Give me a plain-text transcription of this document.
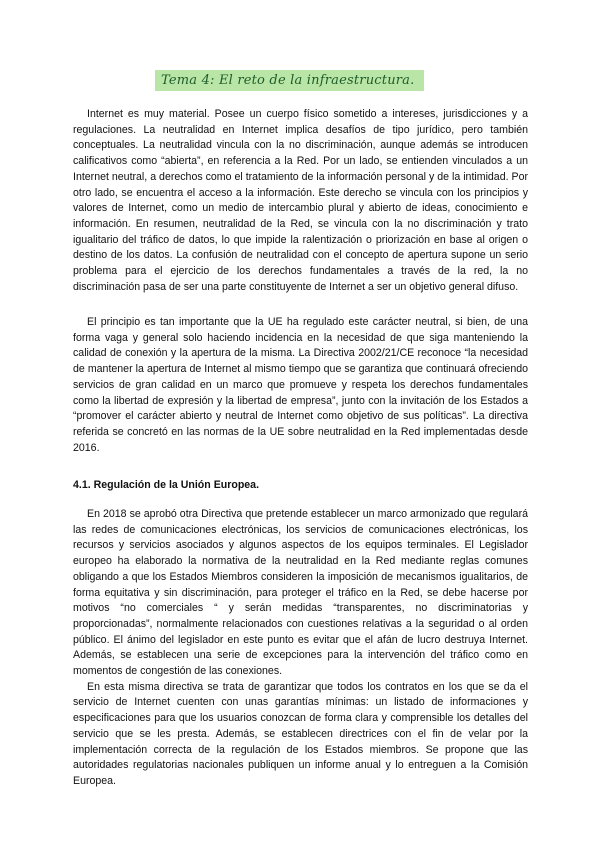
Tema 4: El reto de la infraestructura.

Internet es muy material. Posee un cuerpo físico sometido a intereses, jurisdicciones y a regulaciones. La neutralidad en Internet implica desafíos de tipo jurídico, pero también conceptuales. La neutralidad vincula con la no discriminación, aunque además se introducen calificativos como “abierta”, en referencia a la Red. Por un lado, se entienden vinculados a un Internet neutral, a derechos como el tratamiento de la información personal y de la intimidad. Por otro lado, se encuentra el acceso a la información. Este derecho se vincula con los principios y valores de Internet, como un medio de intercambio plural y abierto de ideas, conocimiento e información. En resumen, neutralidad de la Red, se vincula con la no discriminación y trato igualitario del tráfico de datos, lo que impide la ralentización o priorización en base al origen o destino de los datos. La confusión de neutralidad con el concepto de apertura supone un serio problema para el ejercicio de los derechos fundamentales a través de la red, la no discriminación pasa de ser una parte constituyente de Internet a ser un objetivo general difuso.

El principio es tan importante que la UE ha regulado este carácter neutral, si bien, de una forma vaga y general solo haciendo incidencia en la necesidad de que siga manteniendo la calidad de conexión y la apertura de la misma. La Directiva 2002/21/CE reconoce “la necesidad de mantener la apertura de Internet al mismo tiempo que se garantiza que continuará ofreciendo servicios de gran calidad en un marco que promueve y respeta los derechos fundamentales como la libertad de expresión y la libertad de empresa”, junto con la invitación de los Estados a “promover el carácter abierto y neutral de Internet como objetivo de sus políticas”. La directiva referida se concretó en las normas de la UE sobre neutralidad en la Red implementadas desde 2016.

4.1. Regulación de la Unión Europea.

En 2018 se aprobó otra Directiva que pretende establecer un marco armonizado que regulará las redes de comunicaciones electrónicas, los servicios de comunicaciones electrónicas, los recursos y servicios asociados y algunos aspectos de los equipos terminales. El Legislador europeo ha elaborado la normativa de la neutralidad en la Red mediante reglas comunes obligando a que los Estados Miembros consideren la imposición de mecanismos igualitarios, de forma equitativa y sin discriminación, para proteger el tráfico en la Red, se debe hacerse por motivos “no comerciales “ y serán medidas “transparentes, no discriminatorias y proporcionadas”, normalmente relacionados con cuestiones relativas a la seguridad o al orden público. El ánimo del legislador en este punto es evitar que el afán de lucro destruya Internet. Además, se establecen una serie de excepciones para la intervención del tráfico como en momentos de congestión de las conexiones.

En esta misma directiva se trata de garantizar que todos los contratos en los que se da el servicio de Internet cuenten con unas garantías mínimas: un listado de informaciones y especificaciones para que los usuarios conozcan de forma clara y comprensible los detalles del servicio que se les presta. Además, se establecen directrices con el fin de velar por la implementación correcta de la regulación de los Estados miembros. Se propone que las autoridades regulatorias nacionales publiquen un informe anual y lo entreguen a la Comisión Europea.
